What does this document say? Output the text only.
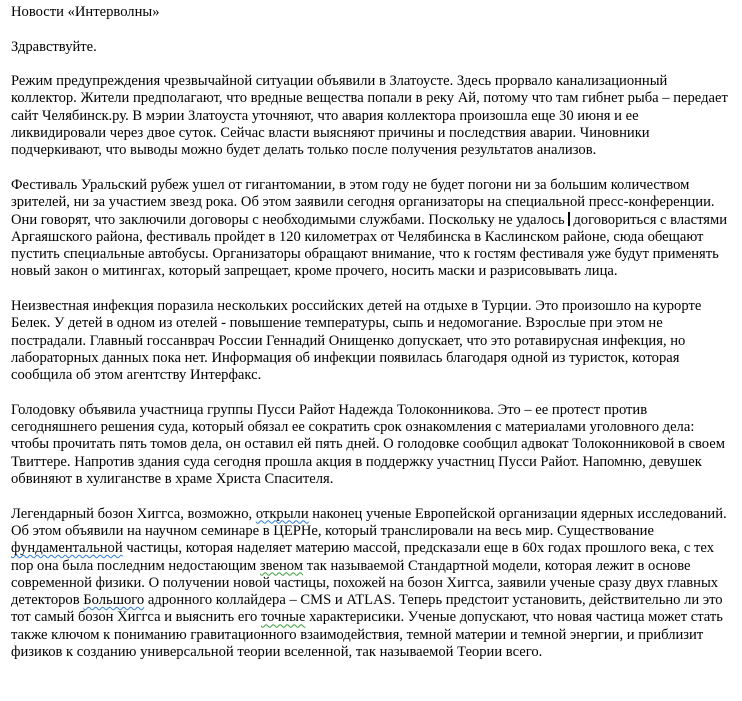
Новости «Интерволны»

Здравствуйте.

Режим предупреждения чрезвычайной ситуации объявили в Златоусте. Здесь прорвало канализационный коллектор. Жители предполагают, что вредные вещества попали в реку Ай, потому что там гибнет рыба – передает сайт Челябинск.ру. В мэрии Златоуста уточняют, что авария коллектора произошла еще 30 июня и ее ликвидировали через двое суток. Сейчас власти выясняют причины и последствия аварии. Чиновники подчеркивают, что выводы можно будет делать только после получения результатов анализов.

Фестиваль Уральский рубеж ушел от гигантомании, в этом году не будет погони ни за большим количеством зрителей, ни за участием звезд рока. Об этом заявили сегодня организаторы на специальной пресс-конференции. Они говорят, что заключили договоры с необходимыми службами. Поскольку не удалось договориться с властями Аргаяшского района, фестиваль пройдет в 120 километрах от Челябинска в Каслинском районе, сюда обещают пустить специальные автобусы. Организаторы обращают внимание, что к гостям фестиваля уже будут применять новый закон о митингах, который запрещает, кроме прочего, носить маски и разрисовывать лица.

Неизвестная инфекция поразила нескольких российских детей на отдыхе в Турции. Это произошло на курорте Белек. У детей в одном из отелей - повышение температуры, сыпь и недомогание. Взрослые при этом не пострадали. Главный госсанврач России Геннадий Онищенко допускает, что это ротавирусная инфекция, но лабораторных данных пока нет. Информация об инфекции появилась благодаря одной из туристок, которая сообщила об этом агентству Интерфакс.

Голодовку объявила участница группы Пусси Райот Надежда Толоконникова. Это – ее протест против сегодняшнего решения суда, который обязал ее сократить срок ознакомления с материалами уголовного дела: чтобы прочитать пять томов дела, он оставил ей пять дней. О голодовке сообщил адвокат Толоконниковой в своем Твиттере. Напротив здания суда сегодня прошла акция в поддержку участниц Пусси Райот. Напомню, девушек обвиняют в хулиганстве в храме Христа Спасителя.

Легендарный бозон Хиггса, возможно, открыли наконец ученые Европейской организации ядерных исследований. Об этом объявили на научном семинаре в ЦЕРНе, который транслировали на весь мир. Существование фундаментальной частицы, которая наделяет материю массой, предсказали еще в 60х годах прошлого века, с тех пор она была последним недостающим звеном так называемой Стандартной модели, которая лежит в основе современной физики. О получении новой частицы, похожей на бозон Хиггса, заявили ученые сразу двух главных детекторов Большого адронного коллайдера – CMS и ATLAS. Теперь предстоит установить, действительно ли это тот самый бозон Хиггса и выяснить его точные характерисики. Ученые допускают, что новая частица может стать также ключом к пониманию гравитационного взаимодействия, темной материи и темной энергии, и приблизит физиков к созданию универсальной теории вселенной, так называемой Теории всего.
